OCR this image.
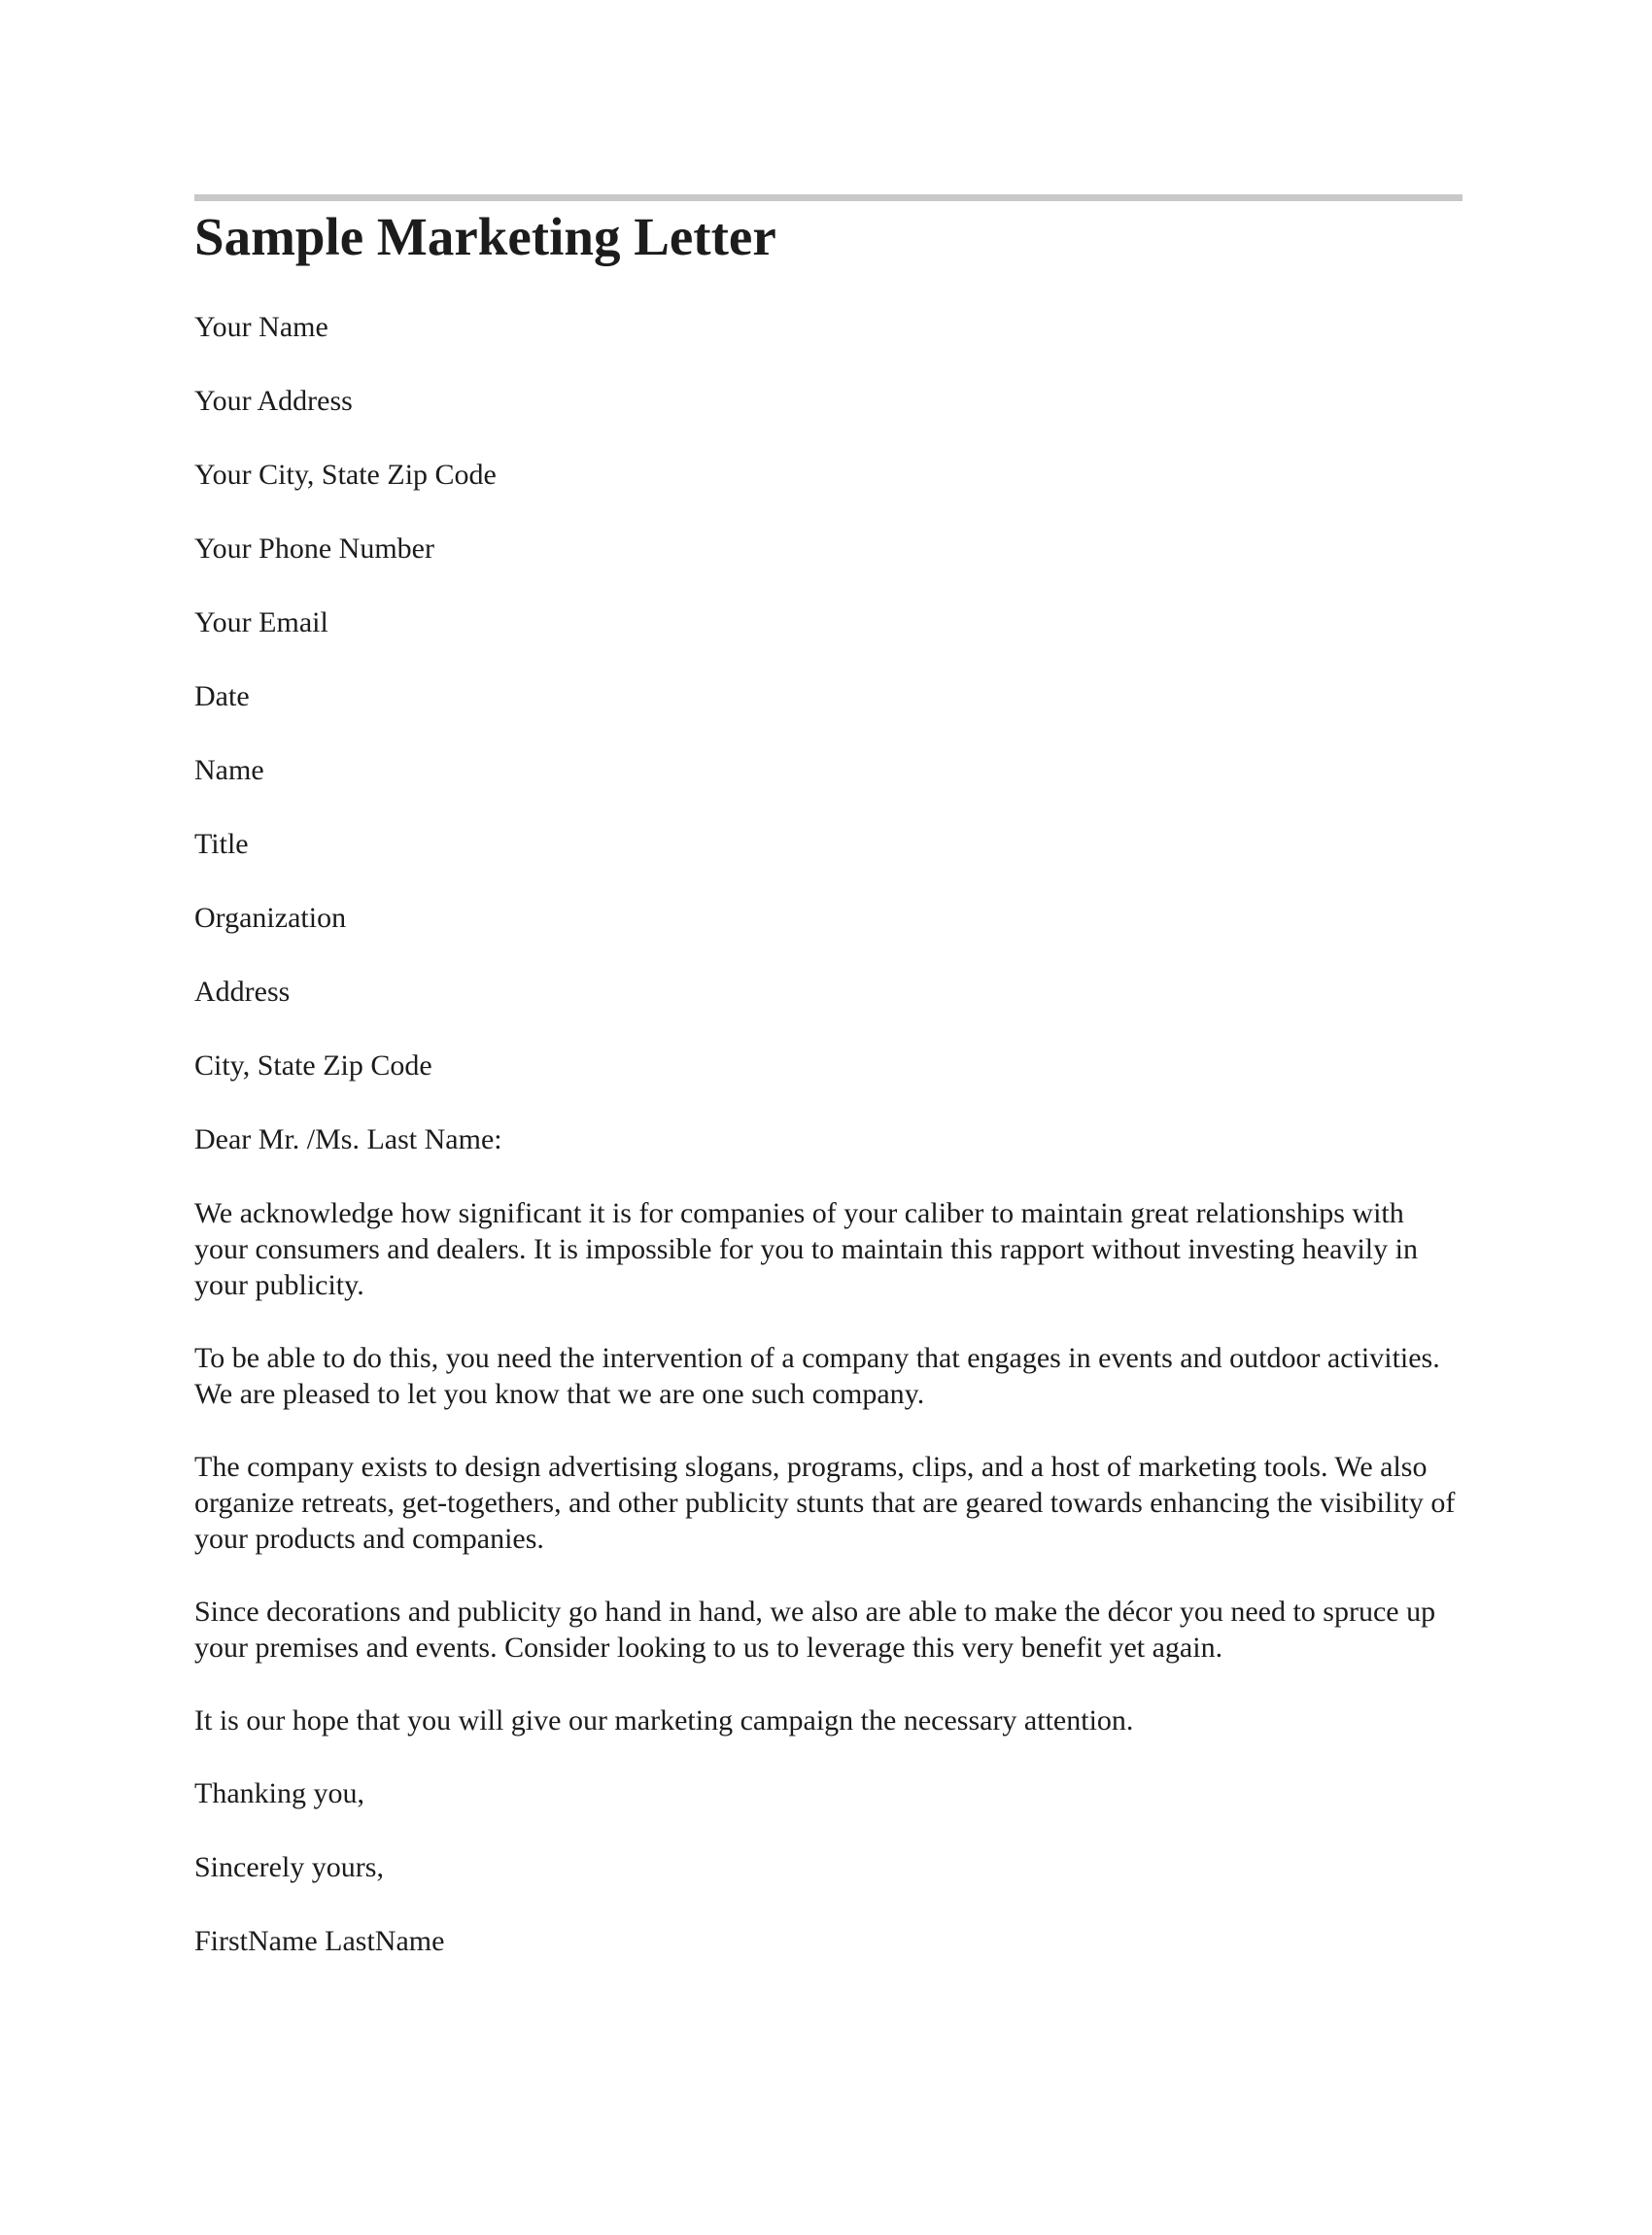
Sample Marketing Letter

Your Name

Your Address

Your City, State Zip Code

Your Phone Number

Your Email

Date

Name

Title

Organization

Address

City, State Zip Code

Dear Mr. /Ms. Last Name:

We acknowledge how significant it is for companies of your caliber to maintain great relationships with your consumers and dealers. It is impossible for you to maintain this rapport without investing heavily in your publicity.

To be able to do this, you need the intervention of a company that engages in events and outdoor activities. We are pleased to let you know that we are one such company.

The company exists to design advertising slogans, programs, clips, and a host of marketing tools. We also organize retreats, get-togethers, and other publicity stunts that are geared towards enhancing the visibility of your products and companies.

Since decorations and publicity go hand in hand, we also are able to make the décor you need to spruce up your premises and events. Consider looking to us to leverage this very benefit yet again.

It is our hope that you will give our marketing campaign the necessary attention.

Thanking you,

Sincerely yours,

FirstName LastName
